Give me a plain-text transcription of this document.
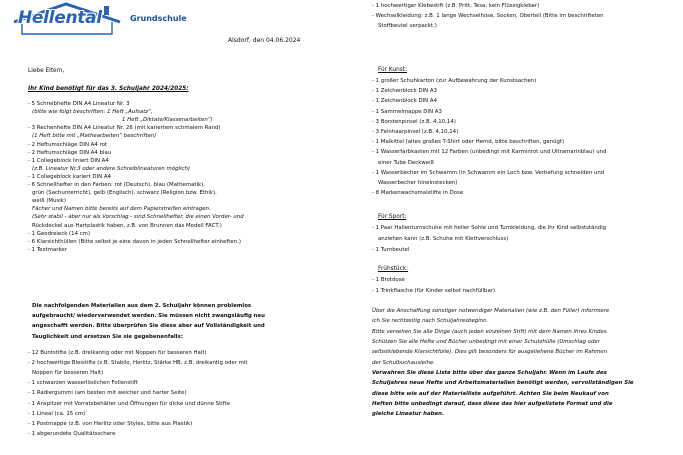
Hellental	Grundschule
Alsdorf, den 04.06.2024
Liebe Eltern,
Ihr Kind benötigt für das 3. Schuljahr 2024/2025:
- 5 Schreibhefte DIN A4 Lineatur Nr. 3
(bitte wie folgt beschriften: 1 Heft „Aufsatz“,
1 Heft „Diktate/Klassenarbeiten“)
- 3 Rechenhefte DIN A4 Lineatur Nr. 26 (mit kariertem schmalem Rand)
(1 Heft bitte mit „Mathearbeiten“ beschriften)
- 2 Heftumschläge DIN A4 rot
- 2 Heftumschläge DIN A4 blau
- 1 Collegeblock liniert DIN A4
(z.B. Lineatur Nr.3 oder andere Schreiblineaturen möglich)
- 1 Collegeblock kariert DIN A4
- 6 Schnellhefter in den Farben: rot (Deutsch), blau (Mathematik),
grün (Sachunterricht), gelb (Englisch), schwarz (Religion bzw. Ethik),
weiß (Musik)
Fächer und Namen bitte bereits auf dem Papierstreifen eintragen.
(Sehr stabil - aber nur als Vorschlag - sind Schnellhefter, die einen Vorder- und
Rückdeckel aus Hartplastik haben, z.B. von Brunnen das Modell FACT.)
- 1 Geodreieck (14 cm)
- 6 Klarsichthüllen (Bitte selbst je eine davon in jeden Schnellhefter einheften.)
- 1 Textmarker
Die nachfolgenden Materialien aus dem 2. Schuljahr können problemlos
aufgebraucht/ wiederverwendet werden. Sie müssen nicht zwangsläufig neu
angeschafft werden. Bitte überprüfen Sie diese aber auf Vollständigkeit und
Tauglichkeit und ersetzen Sie sie gegebenenfalls:
- 12 Buntstifte (z.B. dreikantig oder mit Noppen für besseren Halt)
- 2 hochwertige Bleistifte (z.B. Stabilo, Herlitz, Stärke HB, z.B. dreikantig oder mit
Noppen für besseren Halt)
- 1 schwarzen wasserlöslichen Folienstift
- 1 Radiergummi (am besten mit weicher und harter Seite)
- 1 Anspitzer mit Vorratsbehälter und Öffnungen für dicke und dünne Stifte
- 1 Lineal (ca. 15 cm)
- 1 Postmappe (z.B. von Herlitz oder Stylex, bitte aus Plastik)
- 1 abgerundete Qualitätsschere
- 1 hochwertiger Klebestift (z.B. Pritt, Tesa; kein Flüssigkleber)
- Wechselkleidung: z.B. 1 lange Wechselhose, Socken, Oberteil (Bitte im beschrifteten
Stoffbeutel verpackt.)
Für Kunst:
- 1 großer Schuhkarton (zur Aufbewahrung der Kunstsachen)
- 1 Zeichenblock DIN A3
- 1 Zeichenblock DIN A4
- 1 Sammelmappe DIN A3
- 3 Borstenpinsel (z.B. 4,10,14)
- 3 Feinhaarpinsel (z.B. 4,10,14)
- 1 Malkittel (altes großes T-Shirt oder Hemd, bitte beschriften, genügt)
- 1 Wasserfarbkasten mit 12 Farben (unbedingt mit Karminrot und Ultramarinblau) und
einer Tube Deckweiß
- 1 Wasserbecher im Schwamm (in Schwamm ein Loch bzw. Vertiefung schneiden und
Wasserbecher hineinstecken)
- 8 Markenwachsmalstifte in Dose
Für Sport:
- 1 Paar Hallenturnschuhe mit heller Sohle und Turnkleidung, die Ihr Kind selbstständig
anziehen kann (z.B. Schuhe mit Klettverschluss)
- 1 Turnbeutel
Frühstück:
- 1 Brotdose
- 1 Trinkflasche (für Kinder selbst nachfüllbar)
Über die Anschaffung sonstiger notwendiger Materialien (wie z.B. den Füller) informiere
ich Sie rechtzeitig nach Schuljahresbeginn.
Bitte versehen Sie alle Dinge (auch jeden einzelnen Stift) mit dem Namen Ihres Kindes.
Schützen Sie alle Hefte und Bücher unbedingt mit einer Schutzhülle (Umschlag oder
selbstklebende Klarsichtfolie). Dies gilt besonders für ausgeliehene Bücher im Rahmen
der Schulbuchausleihe.
Verwahren Sie diese Liste bitte über das ganze Schuljahr. Wenn im Laufe des
Schuljahres neue Hefte und Arbeitsmaterialien benötigt werden, vervollständigen Sie
diese bitte wie auf der Materialliste aufgeführt. Achten Sie beim Neukauf von
Heften bitte unbedingt darauf, dass diese das hier aufgelistete Format und die
gleiche Lineatur haben.
